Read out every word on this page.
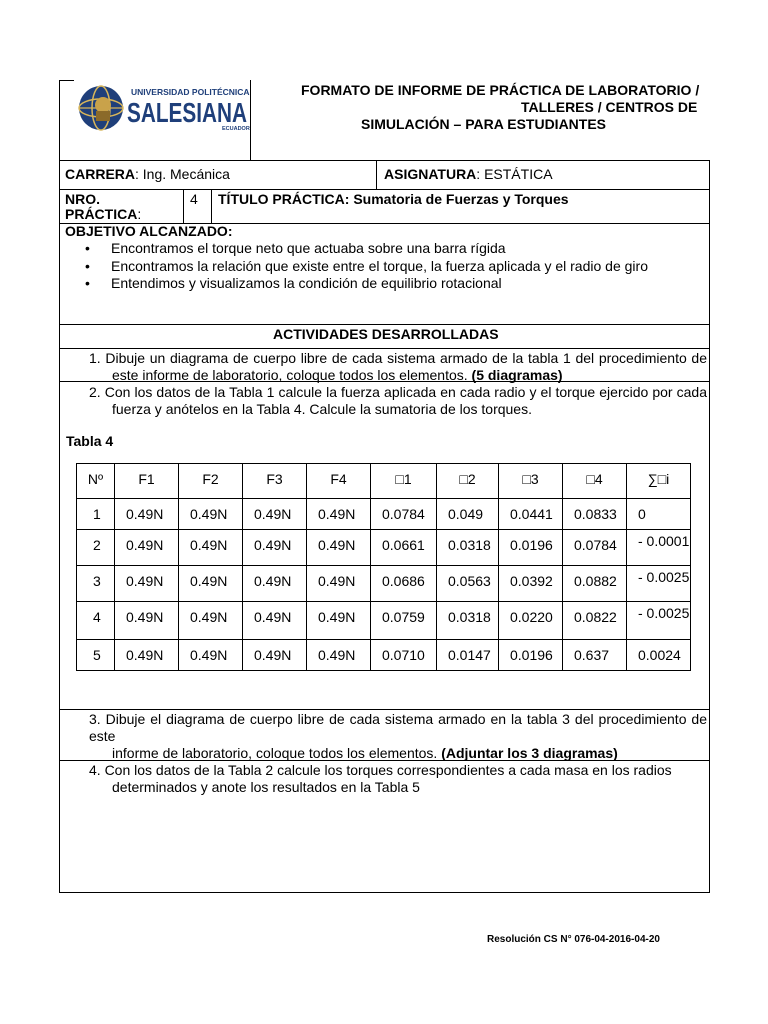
UNIVERSIDAD POLITÉCNICA
SALESIANA
ECUADOR
FORMATO DE INFORME DE PRÁCTICA DE LABORATORIO /
TALLERES / CENTROS DE
SIMULACIÓN – PARA ESTUDIANTES
CARRERA: Ing. Mecánica	ASIGNATURA: ESTÁTICA
NRO.
PRÁCTICA:
4 TÍTULO PRÁCTICA: Sumatoria de Fuerzas y Torques
OBJETIVO ALCANZADO:
• Encontramos el torque neto que actuaba sobre una barra rígida
• Encontramos la relación que existe entre el torque, la fuerza aplicada y el radio de giro
• Entendimos y visualizamos la condición de equilibrio rotacional
ACTIVIDADES DESARROLLADAS
1. Dibuje un diagrama de cuerpo libre de cada sistema armado de la tabla 1 del procedimiento de
este informe de laboratorio, coloque todos los elementos. (5 diagramas)
2. Con los datos de la Tabla 1 calcule la fuerza aplicada en cada radio y el torque ejercido por cada
fuerza y anótelos en la Tabla 4. Calcule la sumatoria de los torques.
Tabla 4
Nº	F1	F2	F3	F4	□1	□2	□3	□4	∑□i
1	0.49N	0.49N	0.49N	0.49N	0.0784	0.049	0.0441	0.0833	0
2	0.49N	0.49N	0.49N	0.49N	0.0661	0.0318	0.0196	0.0784	- 0.0001
3	0.49N	0.49N	0.49N	0.49N	0.0686	0.0563	0.0392	0.0882	- 0.0025
4	0.49N	0.49N	0.49N	0.49N	0.0759	0.0318	0.0220	0.0822	- 0.0025
5	0.49N	0.49N	0.49N	0.49N	0.0710	0.0147	0.0196	0.637	0.0024
3. Dibuje el diagrama de cuerpo libre de cada sistema armado en la tabla 3 del procedimiento de este
informe de laboratorio, coloque todos los elementos. (Adjuntar los 3 diagramas)
4. Con los datos de la Tabla 2 calcule los torques correspondientes a cada masa en los radios
determinados y anote los resultados en la Tabla 5
Resolución CS N° 076-04-2016-04-20
